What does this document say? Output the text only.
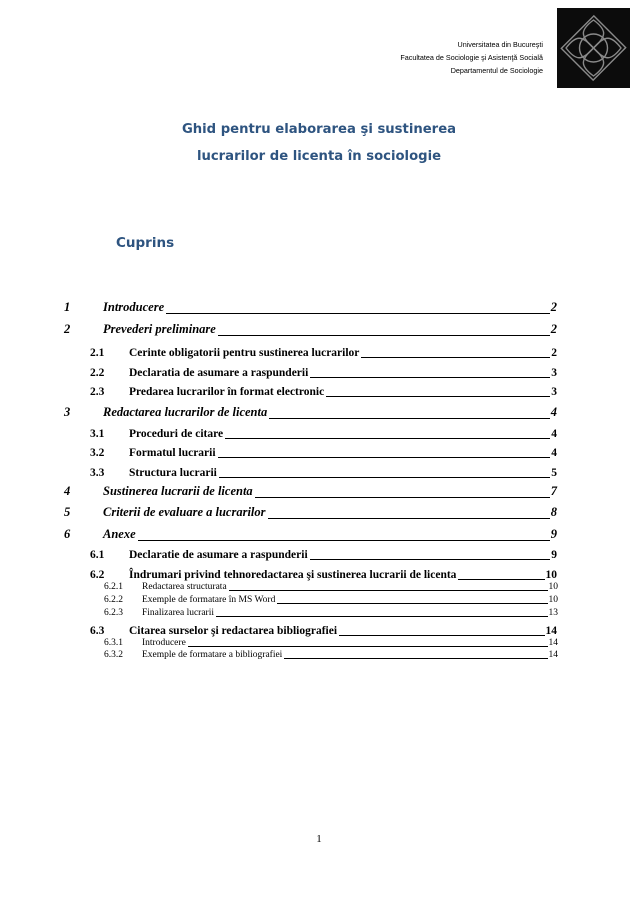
Universitatea din Bucureşti
Facultatea de Sociologie şi Asistenţă Socială
Departamentul de Sociologie
Ghid pentru elaborarea şi sustinerea
lucrarilor de licenta în sociologie
Cuprins
1	Introducere	2
2	Prevederi preliminare	2
2.1 Cerinte obligatorii pentru sustinerea lucrarilor	2
2.2 Declaratia de asumare a raspunderii	3
2.3 Predarea lucrarilor în format electronic	3
3	Redactarea lucrarilor de licenta	4
3.1 Proceduri de citare	4
3.2 Formatul lucrarii	4
3.3 Structura lucrarii	5
4	Sustinerea lucrarii de licenta	7
5	Criterii de evaluare a lucrarilor	8
6	Anexe	9
6.1 Declaratie de asumare a raspunderii	9
6.2 Îndrumari privind tehnoredactarea şi sustinerea lucrarii de licenta	10
6.2.1 Redactarea structurata	10
6.2.2 Exemple de formatare în MS Word	10
6.2.3 Finalizarea lucrarii	13
6.3 Citarea surselor şi redactarea bibliografiei	14
6.3.1 Introducere	14
6.3.2 Exemple de formatare a bibliografiei	14
1
